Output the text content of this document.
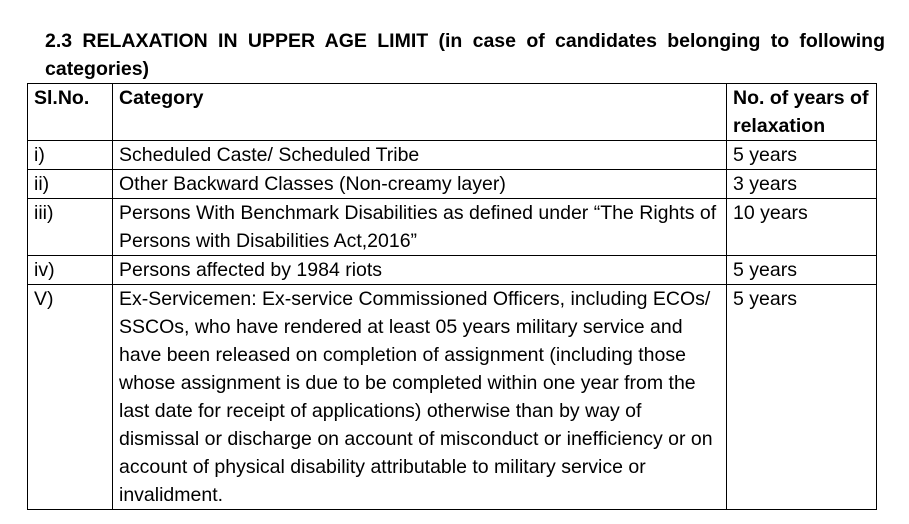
2.3 RELAXATION IN UPPER AGE LIMIT (in case of candidates belonging to following categories)
Sl.No.	Category	No. of years of relaxation
i)	Scheduled Caste/ Scheduled Tribe	5 years
ii)	Other Backward Classes (Non-creamy layer)	3 years
iii)	Persons With Benchmark Disabilities as defined under “The Rights of Persons with Disabilities Act,2016”	10 years
iv)	Persons affected by 1984 riots	5 years
V)	Ex-Servicemen: Ex-service Commissioned Officers, including ECOs/ SSCOs, who have rendered at least 05 years military service and have been released on completion of assignment (including those whose assignment is due to be completed within one year from the last date for receipt of applications) otherwise than by way of dismissal or discharge on account of misconduct or inefficiency or on account of physical disability attributable to military service or invalidment.	5 years
